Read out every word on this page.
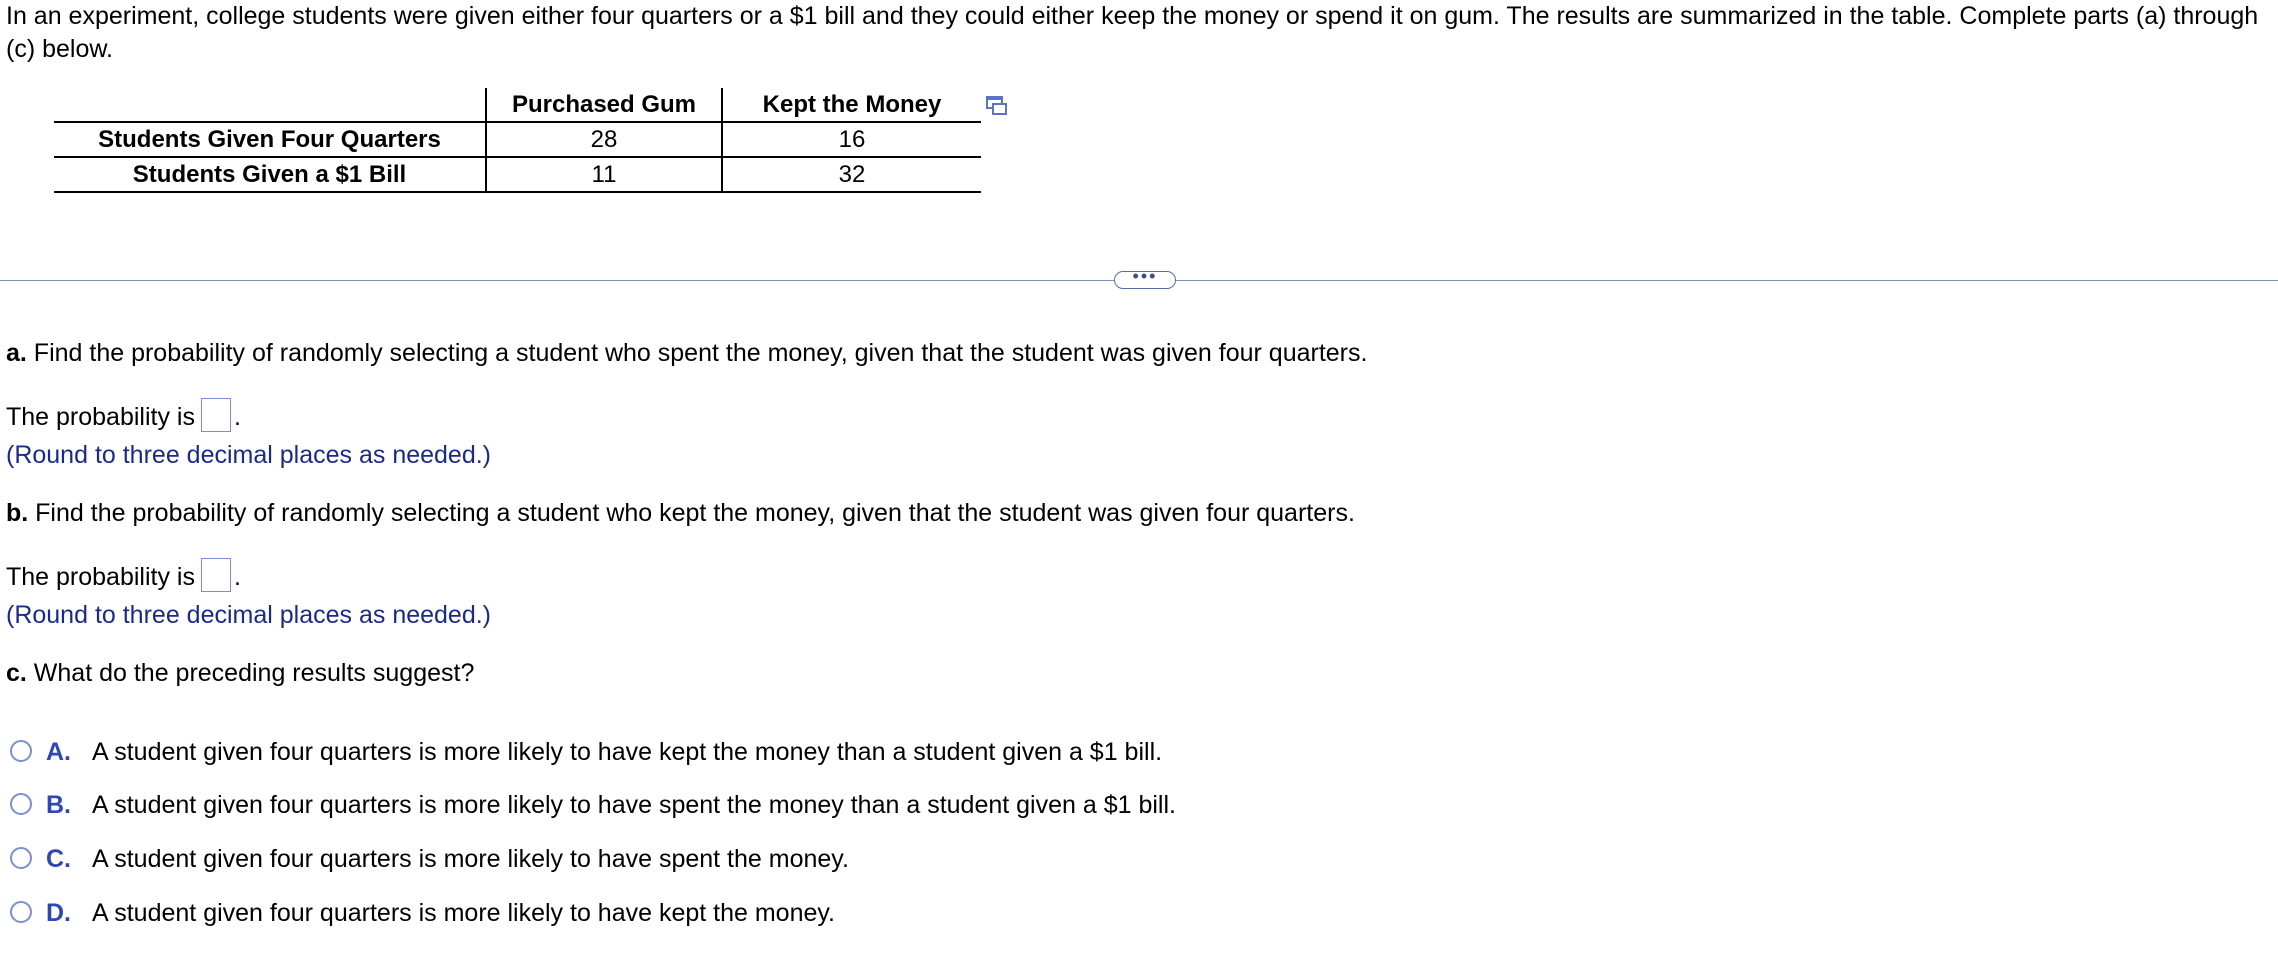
In an experiment, college students were given either four quarters or a $1 bill and they could either keep the money or spend it on gum. The results are summarized in the table. Complete parts (a) through (c) below.
	Purchased Gum	Kept the Money
Students Given Four Quarters	28	16
Students Given a $1 Bill	11	32
•••
a. Find the probability of randomly selecting a student who spent the money, given that the student was given four quarters.
The probability is .
(Round to three decimal places as needed.)
b. Find the probability of randomly selecting a student who kept the money, given that the student was given four quarters.
The probability is .
(Round to three decimal places as needed.)
c. What do the preceding results suggest?
A. A student given four quarters is more likely to have kept the money than a student given a $1 bill.
B. A student given four quarters is more likely to have spent the money than a student given a $1 bill.
C. A student given four quarters is more likely to have spent the money.
D. A student given four quarters is more likely to have kept the money.
